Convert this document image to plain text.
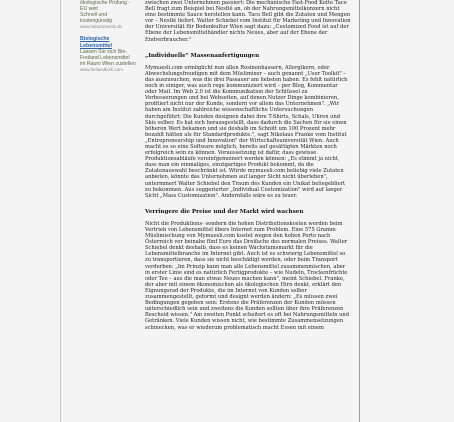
ökologische Prüfung - EU weit
Schnell und kostengünstig
www.naturamentis.de
Biologische Lebensmittel
Lassen Sie sich Bio-Freiland Lebensmittel im Raum Wien zustellen
www.freilandkorb.com

zwischen zwei Unternehmen passiert: Die mechanische Fast-Food Kette Taco Bell fragt zum Beispiel bei Nestlé an, ob der Nahrungsmittelkonzern nicht eine bestimmte Sauce herstellen kann. Taco Bell gibt die Zutaten und Mengen vor – Nestlé liefert. Walter Schiebel vom Institut für Marketing und Innovation der Universität für Bodenkultur Wien sagt dazu: „Customized Food ist auf der Ebene der Lebensmittelhändler nichts Neues, aber auf der Ebene der Endverbraucher."

„Individuelle" Massenanfertigungen

Mymuesli.com ermöglicht nun allen Rosinenhassern, Allergikern, oder Abwechslungsfreudigen mit dem Müslimixer – auch genannt „User Toolkit" – das auszusuchen, was die drei Passauer am liebsten haben. Es fehlt natürlich noch in einiger, was auch rege kommuniziert wird – per Blog, Kommentar oder Mail. Im Web 2.0 ist die Kommunikation der Schlüssel zu Verbesserungen und bei Webseiten, auf denen Nutzer Dinge kombinieren, profitiert nicht nur der Kunde, sondern vor allem das Unternehmen". „Wir haben am Institut zahlreiche wissenschaftliche Untersuchungen durchgeführt: Die Kunden designen dabei ihre T-Shirts, Schals, Uhren und Skis selber. Es hat sich herausgestellt, dass dadurch die Sachen für sie einen höheren Wert bekamen und sie deshalb im Schnitt um 100 Prozent mehr bezahlt hätten als für Standardprodukte.", sagt Nikolaus Franke vom Institut „Entrepreneurship und Innovation" der Wirtschaftsuniversität Wien. Auch macht es so eine Software möglich, bereits auf gesättigten Märkten noch erfolgreich sein zu können. Voraussetzung ist dafür, dass gewisse Produktionsabläufe vereinfgemeinert werden können: „Es stimmt ja nicht, dass man ein einmaliges, einzigartiges Produkt bekommt, da die Zutatenauswahl beschränkt ist. Würde mymuesli.com beliebig viele Zutaten anbieten, könnte das Unternehmen auf langer Sicht nicht überleben", untermmert Walter Schiebel den Traum des Kunden ein Unikat beliegebliert zu bekommen. Aus suggerierter „Individual Customization" wird auf langer Sicht „Mass Customization". Andernfalls wäre es zu teuer.

Verringere die Preise und der Markt wird wachsen

Nicht die Produktions- sondern die hohen Distributionskosten werden beim Vertrieb von Lebensmittel übers Internet zum Problem. Eine 575 Gramm Müslimischung von Mymuesli.com kostet wegen den hohen Porto nach Österreich vor beinahe fünf Euro das Dreifache des normalen Preises. Walter Schiebel denkt deshalb, dass es keinen Wachstumsmarkt für die Lebensmittelbranche im Internet gibt. Auch ist es schwierig Lebensmittel so zu transportieren, dass sie nicht beschädigt werden, oder beim Transport verderben: „Im Prinzip kann man alle Lebensmittel zusammenmischen, aber in erster Linie sind es natürlich Fertigprodukte – wie Nudeln, Trockenfrüchte oder Tee – aus die man etwas Neues machen kann", meint Schiebel. Franke, der aber mit einem ökonomischen als ökologischen Hirn denkt, erklärt den Eignungsrad der Produkte, die im Internet von Kunden selber zusammengestellt, geformt und designt werden ändern: „Es müssen zwei Bedingungen gegeben sein: Erstens die Präferenzen der Kunden müssen unterschiedlich sein und zweitens die Kunden sollten über ihre Präferenzen Bescheid wissen." Am zweiten Punkt scheitert es oft bei Nahrungsmitteln und Getränken. Viele Kunden wissen nicht, wie bestimmte Zusammensetzungen schmecken, was er wiederum problematisch macht Essen mit einem
